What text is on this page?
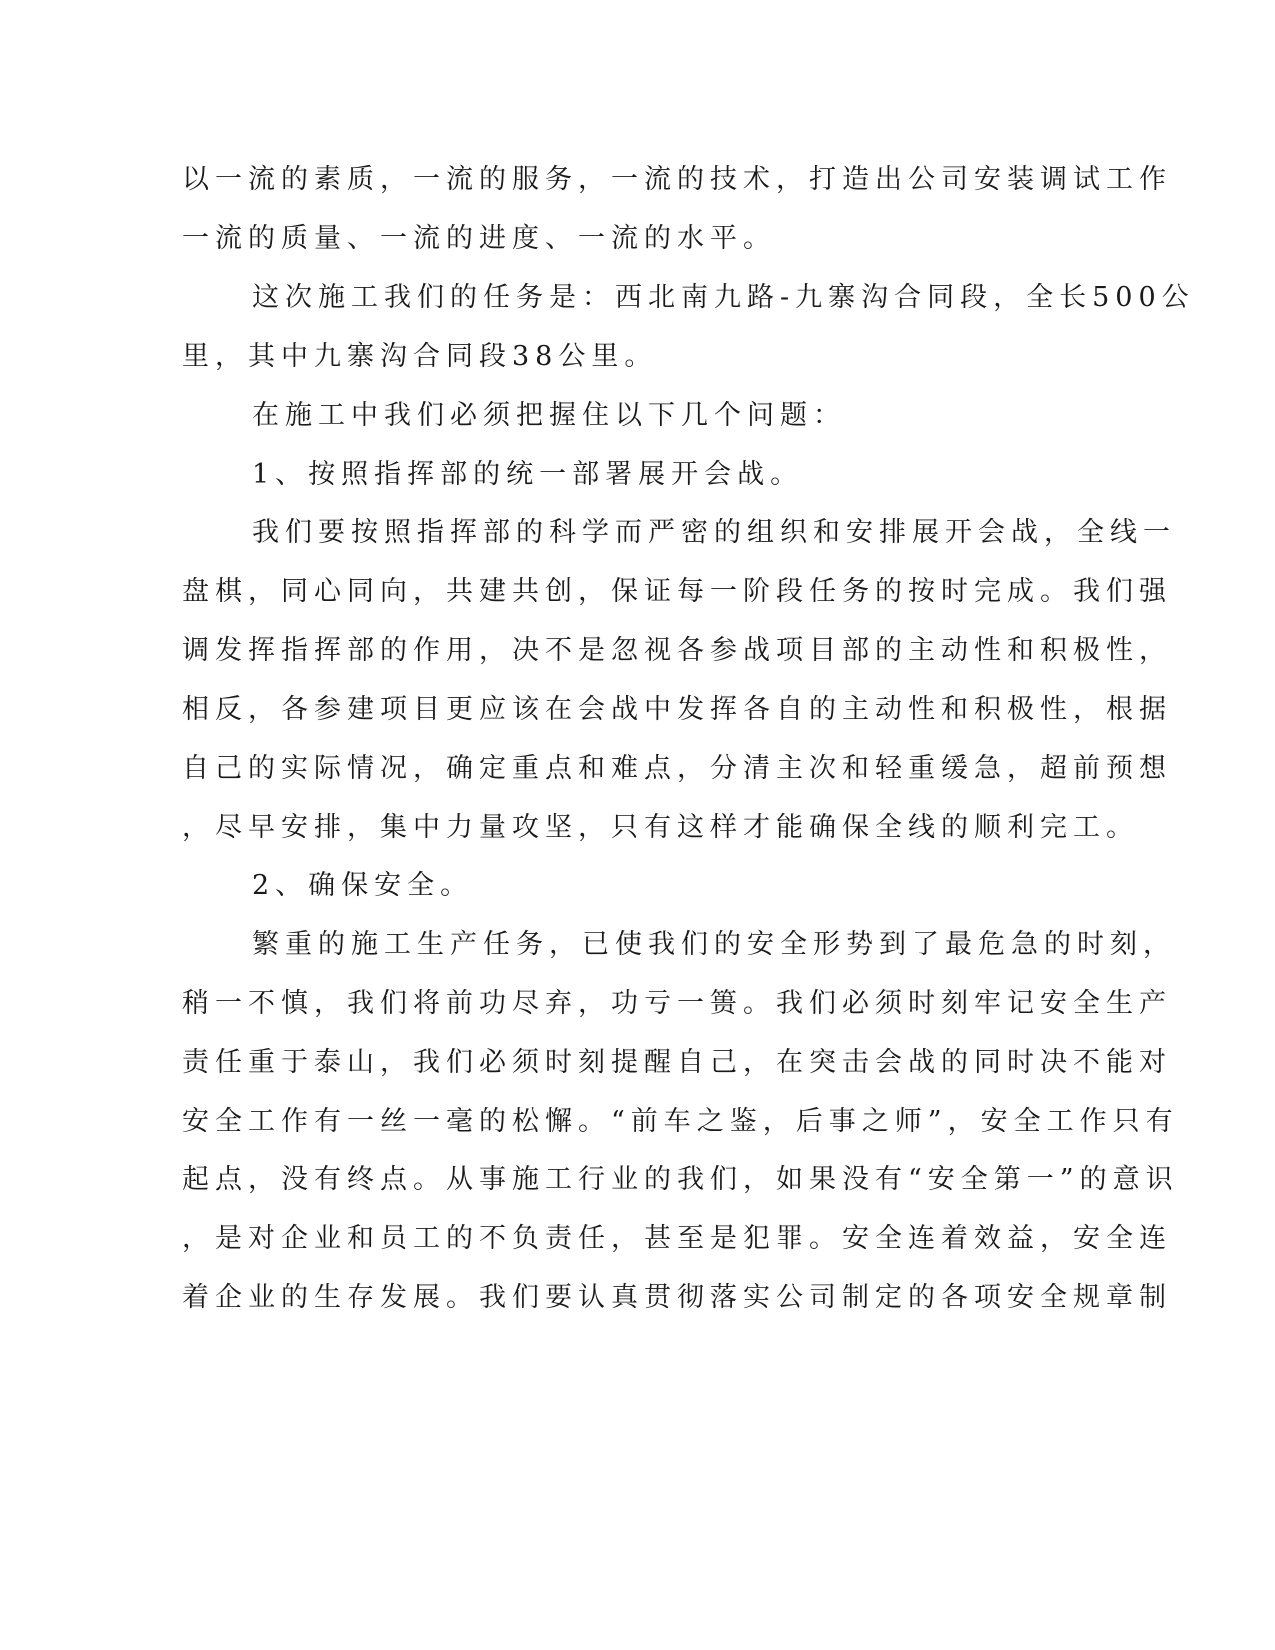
以一流的素质，一流的服务，一流的技术，打造出公司安装调试工作
一流的质量、一流的进度、一流的水平。
这次施工我们的任务是：西北南九路-九寨沟合同段，全长500公
里，其中九寨沟合同段38公里。
在施工中我们必须把握住以下几个问题：
1、按照指挥部的统一部署展开会战。
我们要按照指挥部的科学而严密的组织和安排展开会战，全线一
盘棋，同心同向，共建共创，保证每一阶段任务的按时完成。我们强
调发挥指挥部的作用，决不是忽视各参战项目部的主动性和积极性，
相反，各参建项目更应该在会战中发挥各自的主动性和积极性，根据
自己的实际情况，确定重点和难点，分清主次和轻重缓急，超前预想
，尽早安排，集中力量攻坚，只有这样才能确保全线的顺利完工。
2、确保安全。
繁重的施工生产任务，已使我们的安全形势到了最危急的时刻，
稍一不慎，我们将前功尽弃，功亏一篑。我们必须时刻牢记安全生产
责任重于泰山，我们必须时刻提醒自己，在突击会战的同时决不能对
安全工作有一丝一毫的松懈。“前车之鉴，后事之师”，安全工作只有
起点，没有终点。从事施工行业的我们，如果没有“安全第一”的意识
，是对企业和员工的不负责任，甚至是犯罪。安全连着效益，安全连
着企业的生存发展。我们要认真贯彻落实公司制定的各项安全规章制
